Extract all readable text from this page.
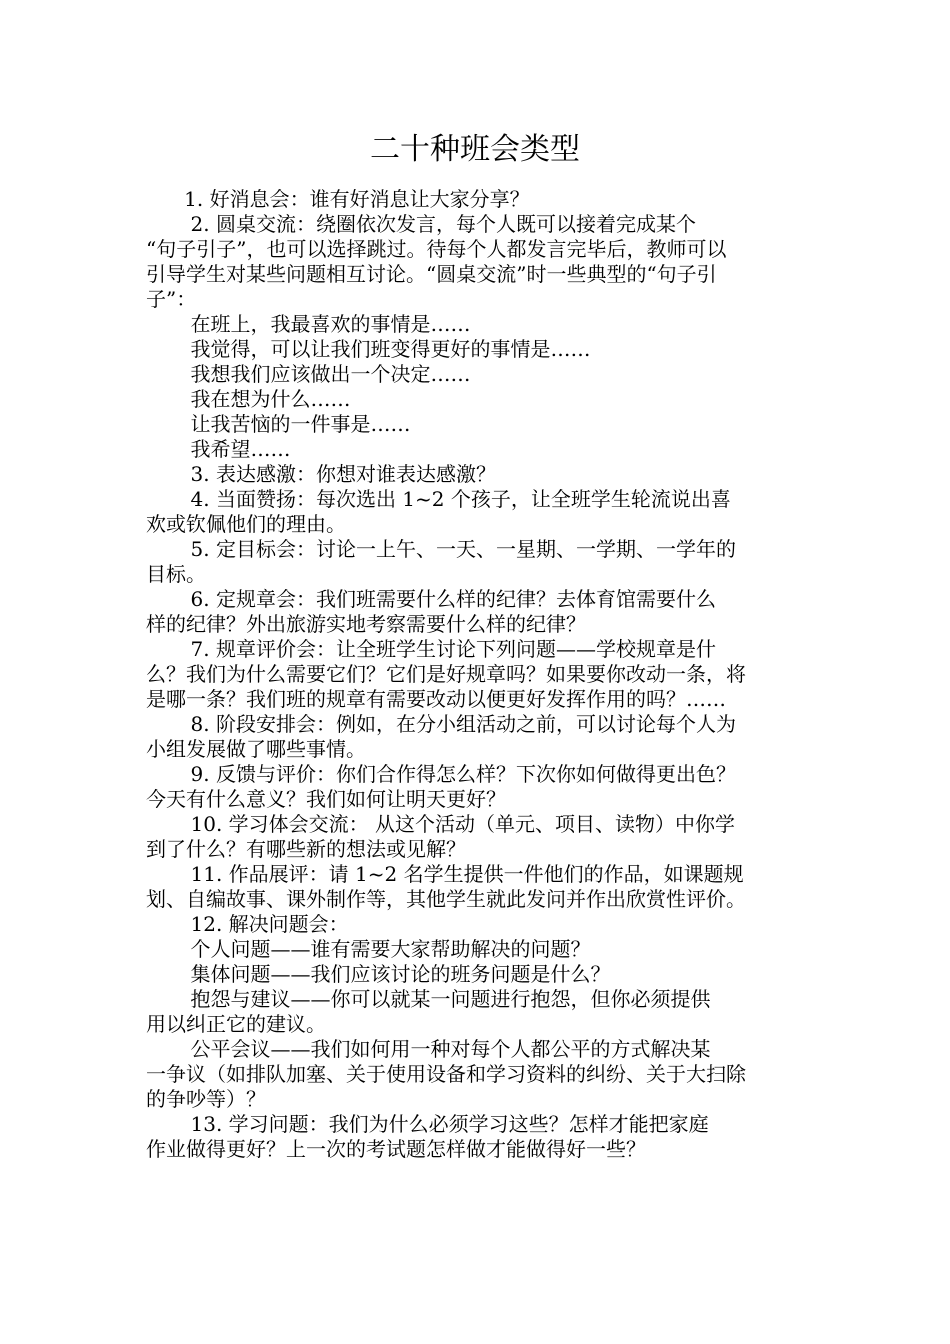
二十种班会类型
1. 好消息会：谁有好消息让大家分享？
2. 圆桌交流：绕圈依次发言，每个人既可以接着完成某个
“句子引子”，也可以选择跳过。待每个人都发言完毕后，教师可以
引导学生对某些问题相互讨论。“圆桌交流”时一些典型的“句子引
子”：
在班上，我最喜欢的事情是……
我觉得，可以让我们班变得更好的事情是……
我想我们应该做出一个决定……
我在想为什么……
让我苦恼的一件事是……
我希望……
3. 表达感激：你想对谁表达感激？
4. 当面赞扬：每次选出 1~2 个孩子，让全班学生轮流说出喜
欢或钦佩他们的理由。
5. 定目标会：讨论一上午、一天、一星期、一学期、一学年的
目标。
6. 定规章会：我们班需要什么样的纪律？去体育馆需要什么
样的纪律？外出旅游实地考察需要什么样的纪律？
7. 规章评价会：让全班学生讨论下列问题——学校规章是什
么？我们为什么需要它们？它们是好规章吗？如果要你改动一条，将
是哪一条？我们班的规章有需要改动以便更好发挥作用的吗？……
8. 阶段安排会：例如，在分小组活动之前，可以讨论每个人为
小组发展做了哪些事情。
9. 反馈与评价：你们合作得怎么样？下次你如何做得更出色？
今天有什么意义？我们如何让明天更好？
10. 学习体会交流： 从这个活动（单元、项目、读物）中你学
到了什么？有哪些新的想法或见解？
11. 作品展评：请 1~2 名学生提供一件他们的作品，如课题规
划、自编故事、课外制作等，其他学生就此发问并作出欣赏性评价。
12. 解决问题会：
个人问题——谁有需要大家帮助解决的问题？
集体问题——我们应该讨论的班务问题是什么？
抱怨与建议——你可以就某一问题进行抱怨，但你必须提供
用以纠正它的建议。
公平会议——我们如何用一种对每个人都公平的方式解决某
一争议（如排队加塞、关于使用设备和学习资料的纠纷、关于大扫除
的争吵等）？
13. 学习问题：我们为什么必须学习这些？怎样才能把家庭
作业做得更好？上一次的考试题怎样做才能做得好一些？
